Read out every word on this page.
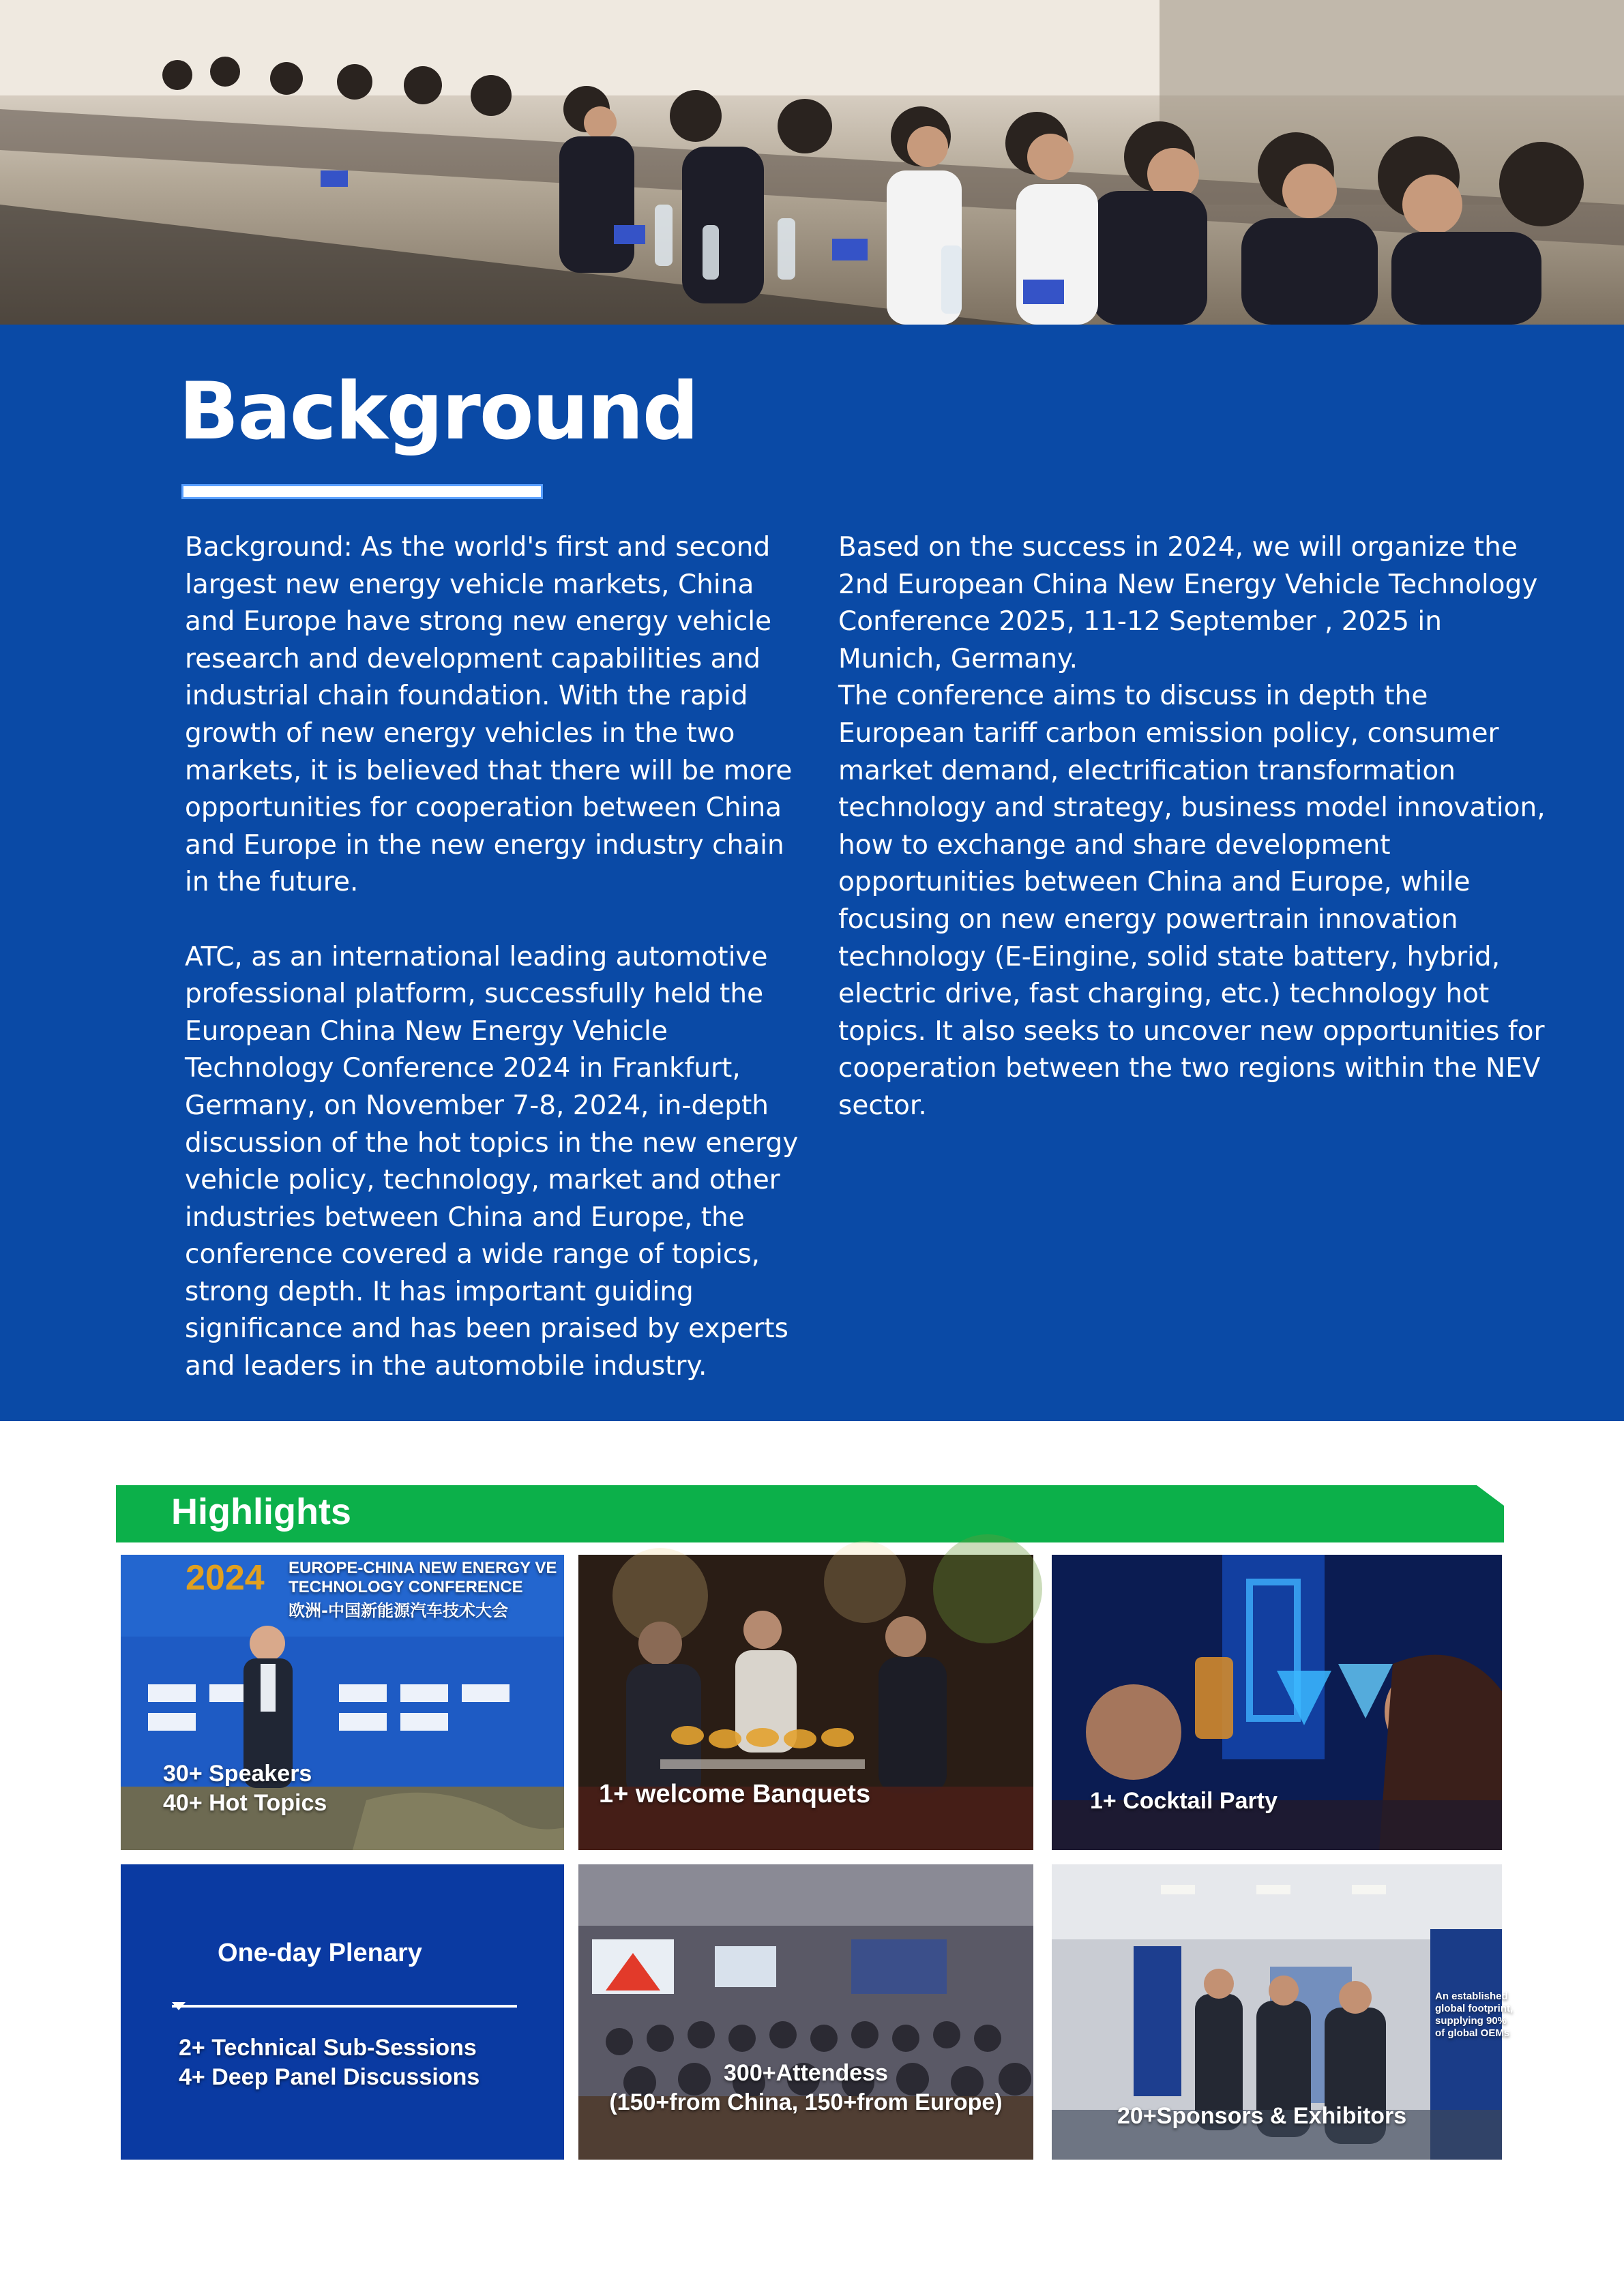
Background
Background: As the world's first and second largest new energy vehicle markets, China and Europe have strong new energy vehicle research and development capabilities and industrial chain foundation. With the rapid growth of new energy vehicles in the two markets, it is believed that there will be more opportunities for cooperation between China and Europe in the new energy industry chain in the future.

ATC, as an international leading automotive professional platform, successfully held the European China New Energy Vehicle Technology Conference 2024 in Frankfurt, Germany, on November 7-8, 2024, in-depth discussion of the hot topics in the new energy vehicle policy, technology, market and other industries between China and Europe, the conference covered a wide range of topics, strong depth. It has important guiding significance and has been praised by experts and leaders in the automobile industry.
Based on the success in 2024, we will organize the 2nd European China New Energy Vehicle Technology Conference 2025, 11-12 September , 2025 in Munich, Germany.
The conference aims to discuss in depth the European tariff carbon emission policy, consumer market demand, electrification transformation technology and strategy, business model innovation, how to exchange and share development opportunities between China and Europe, while focusing on new energy powertrain innovation technology (E-Eingine, solid state battery, hybrid, electric drive, fast charging, etc.) technology hot topics. It also seeks to uncover new opportunities for cooperation between the two regions within the NEV sector.
Highlights
2024 EUROPE-CHINA NEW ENERGY VE
TECHNOLOGY CONFERENCE
欧洲-中国新能源汽车技术大会
30+ Speakers
40+ Hot Topics	1+ welcome Banquets	1+ Cocktail Party
One-day Plenary
2+ Technical Sub-Sessions
4+ Deep Panel Discussions	300+Attendess
(150+from China, 150+from Europe)
An established
global footprint,
supplying 90%
of global OEMs
20+Sponsors & Exhibitors
